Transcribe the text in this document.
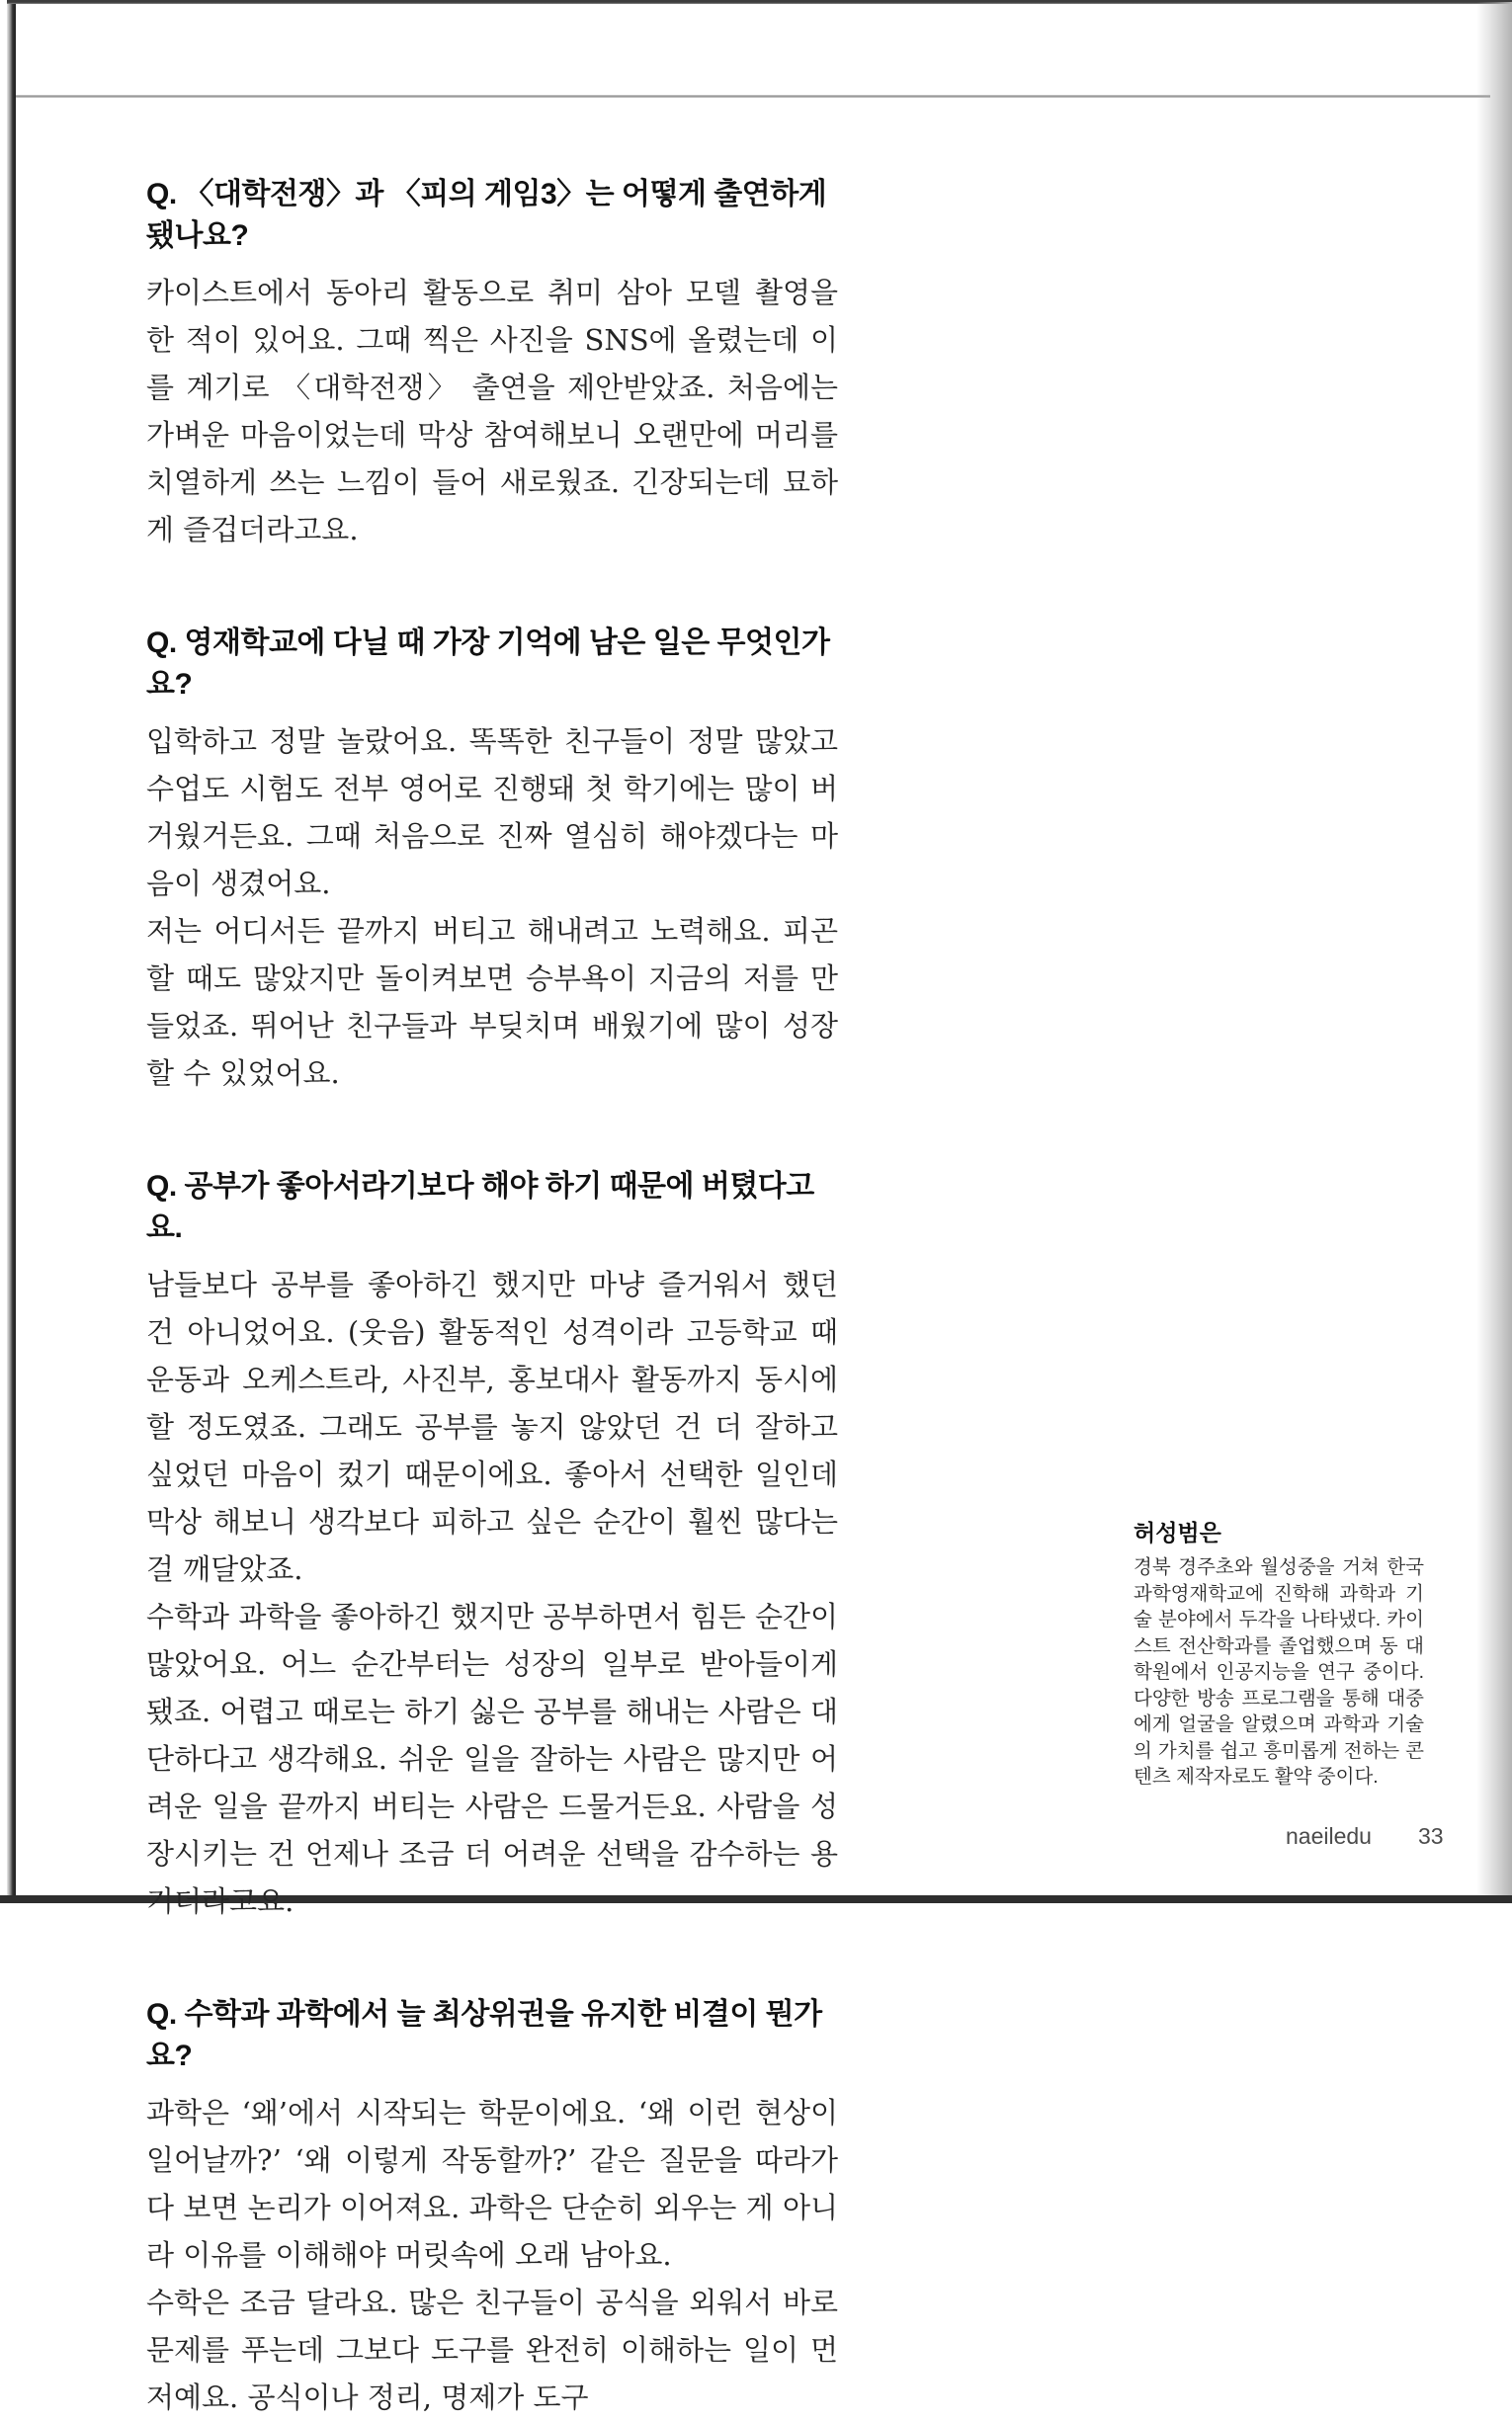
Q. 〈대학전쟁〉과 〈피의 게임3〉는 어떻게 출연하게 됐나요?

카이스트에서 동아리 활동으로 취미 삼아 모델 촬영을 한 적이 있어요. 그때 찍은 사진을 SNS에 올렸는데 이를 계기로 〈대학전쟁〉 출연을 제안받았죠. 처음에는 가벼운 마음이었는데 막상 참여해보니 오랜만에 머리를 치열하게 쓰는 느낌이 들어 새로웠죠. 긴장되는데 묘하게 즐겁더라고요.

Q. 영재학교에 다닐 때 가장 기억에 남은 일은 무엇인가요?

입학하고 정말 놀랐어요. 똑똑한 친구들이 정말 많았고 수업도 시험도 전부 영어로 진행돼 첫 학기에는 많이 버거웠거든요. 그때 처음으로 진짜 열심히 해야겠다는 마음이 생겼어요.

저는 어디서든 끝까지 버티고 해내려고 노력해요. 피곤할 때도 많았지만 돌이켜보면 승부욕이 지금의 저를 만들었죠. 뛰어난 친구들과 부딪치며 배웠기에 많이 성장할 수 있었어요.

Q. 공부가 좋아서라기보다 해야 하기 때문에 버텼다고요.

남들보다 공부를 좋아하긴 했지만 마냥 즐거워서 했던 건 아니었어요. (웃음) 활동적인 성격이라 고등학교 때 운동과 오케스트라, 사진부, 홍보대사 활동까지 동시에 할 정도였죠. 그래도 공부를 놓지 않았던 건 더 잘하고 싶었던 마음이 컸기 때문이에요. 좋아서 선택한 일인데 막상 해보니 생각보다 피하고 싶은 순간이 훨씬 많다는 걸 깨달았죠.

수학과 과학을 좋아하긴 했지만 공부하면서 힘든 순간이 많았어요. 어느 순간부터는 성장의 일부로 받아들이게 됐죠. 어렵고 때로는 하기 싫은 공부를 해내는 사람은 대단하다고 생각해요. 쉬운 일을 잘하는 사람은 많지만 어려운 일을 끝까지 버티는 사람은 드물거든요. 사람을 성장시키는 건 언제나 조금 더 어려운 선택을 감수하는 용기더라고요.

Q. 수학과 과학에서 늘 최상위권을 유지한 비결이 뭔가요?

과학은 ‘왜’에서 시작되는 학문이에요. ‘왜 이런 현상이 일어날까?’ ‘왜 이렇게 작동할까?’ 같은 질문을 따라가다 보면 논리가 이어져요. 과학은 단순히 외우는 게 아니라 이유를 이해해야 머릿속에 오래 남아요.

수학은 조금 달라요. 많은 친구들이 공식을 외워서 바로 문제를 푸는데 그보다 도구를 완전히 이해하는 일이 먼저예요. 공식이나 정리, 명제가 도구

허성범은

경북 경주초와 월성중을 거쳐 한국과학영재학교에 진학해 과학과 기술 분야에서 두각을 나타냈다. 카이스트 전산학과를 졸업했으며 동 대학원에서 인공지능을 연구 중이다. 다양한 방송 프로그램을 통해 대중에게 얼굴을 알렸으며 과학과 기술의 가치를 쉽고 흥미롭게 전하는 콘텐츠 제작자로도 활약 중이다.

naeiledu 33
